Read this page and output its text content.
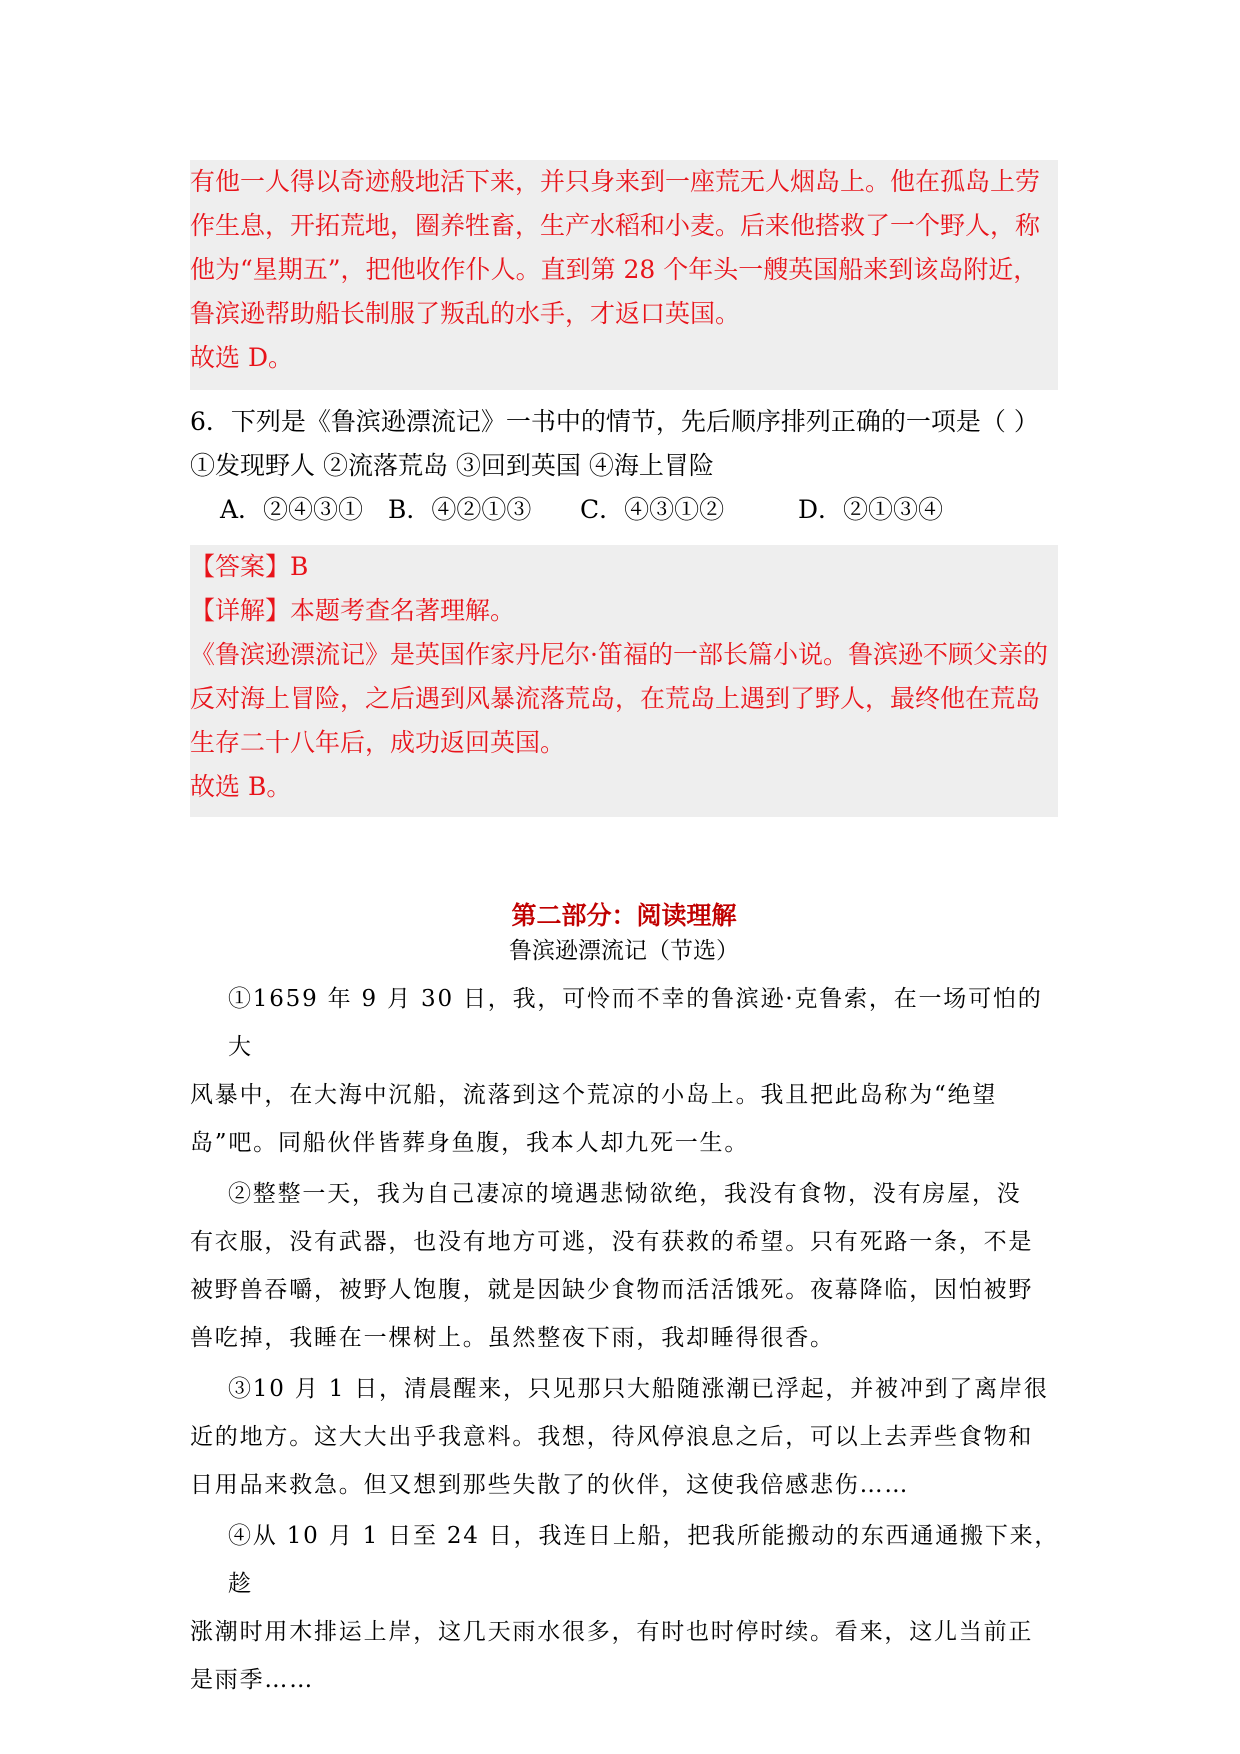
有他一人得以奇迹般地活下来，并只身来到一座荒无人烟岛上。他在孤岛上劳
作生息，开拓荒地，圈养牲畜，生产水稻和小麦。后来他搭救了一个野人，称
他为“星期五”，把他收作仆人。直到第 28 个年头一艘英国船来到该岛附近，
鲁滨逊帮助船长制服了叛乱的水手，才返口英国。
故选 D。
6．下列是《鲁滨逊漂流记》一书中的情节，先后顺序排列正确的一项是（ ）
①发现野人 ②流落荒岛 ③回到英国 ④海上冒险
A．②④③① B．④②①③ C．④③①②	D．②①③④
【答案】B
【详解】本题考查名著理解。
《鲁滨逊漂流记》是英国作家丹尼尔·笛福的一部长篇小说。鲁滨逊不顾父亲的
反对海上冒险，之后遇到风暴流落荒岛，在荒岛上遇到了野人，最终他在荒岛
生存二十八年后，成功返回英国。
故选 B。
第二部分：阅读理解
鲁滨逊漂流记（节选）
①1659 年 9 月 30 日，我，可怜而不幸的鲁滨逊·克鲁索，在一场可怕的大
风暴中，在大海中沉船，流落到这个荒凉的小岛上。我且把此岛称为“绝望
岛”吧。同船伙伴皆葬身鱼腹，我本人却九死一生。
②整整一天，我为自己凄凉的境遇悲恸欲绝，我没有食物，没有房屋，没
有衣服，没有武器，也没有地方可逃，没有获救的希望。只有死路一条，不是
被野兽吞嚼，被野人饱腹，就是因缺少食物而活活饿死。夜幕降临，因怕被野
兽吃掉，我睡在一棵树上。虽然整夜下雨，我却睡得很香。
③10 月 1 日，清晨醒来，只见那只大船随涨潮已浮起，并被冲到了离岸很
近的地方。这大大出乎我意料。我想，待风停浪息之后，可以上去弄些食物和
日用品来救急。但又想到那些失散了的伙伴，这使我倍感悲伤……
④从 10 月 1 日至 24 日，我连日上船，把我所能搬动的东西通通搬下来，趁
涨潮时用木排运上岸，这几天雨水很多，有时也时停时续。看来，这儿当前正
是雨季……
